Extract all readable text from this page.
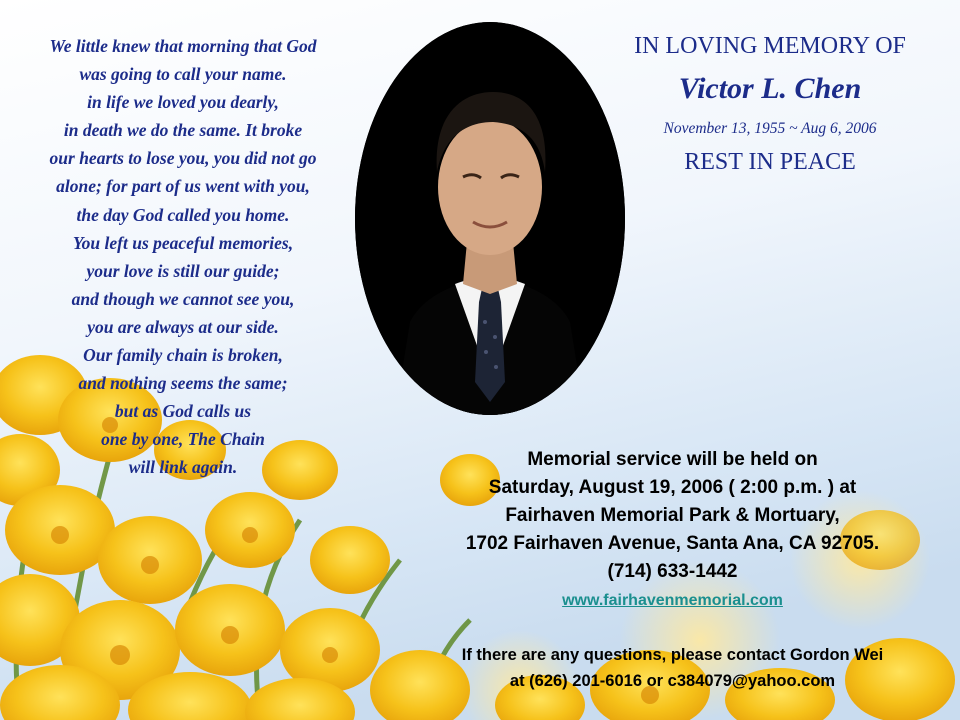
We little knew that morning that God
was going to call your name.
in life we loved you dearly,
in death we do the same. It broke
our hearts to lose you, you did not go
alone; for part of us went with you,
the day God called you home.
You left us peaceful memories,
your love is still our guide;
and though we cannot see you,
you are always at our side.
Our family chain is broken,
and nothing seems the same;
but as God calls us
one by one, The Chain
will link again.

IN LOVING MEMORY OF

Victor L. Chen

November 13, 1955 ~ Aug 6, 2006

REST IN PEACE

Memorial service will be held on
Saturday, August 19, 2006 ( 2:00 p.m. ) at
Fairhaven Memorial Park & Mortuary,
1702 Fairhaven Avenue, Santa Ana, CA 92705.
(714) 633-1442
www.fairhavenmemorial.com
If there are any questions, please contact Gordon Wei
at (626) 201-6016 or c384079@yahoo.com
